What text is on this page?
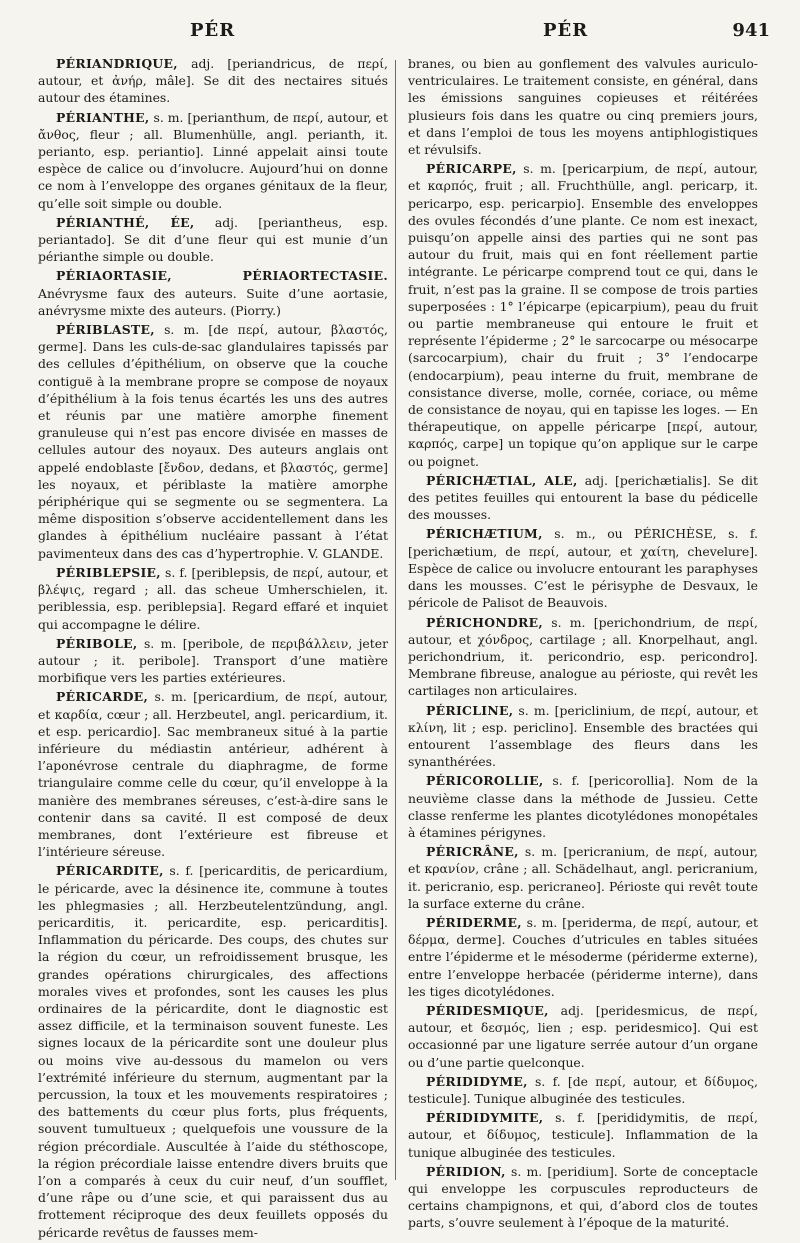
PÉR	PÉR	941

PÉRIANDRIQUE, adj. [periandricus, de περί, autour, et ἀνήρ, mâle]. Se dit des nectaires situés autour des étamines.

PÉRIANTHE, s. m. [perianthum, de περί, autour, et ἄνθος, fleur ; all. Blumenhülle, angl. perianth, it. perianto, esp. periantio]. Linné appelait ainsi toute espèce de calice ou d’involucre. Aujourd’hui on donne ce nom à l’enveloppe des organes génitaux de la fleur, qu’elle soit simple ou double.

PÉRIANTHÉ, ÉE, adj. [periantheus, esp. periantado]. Se dit d’une fleur qui est munie d’un périanthe simple ou double.

PÉRIAORTASIE, PÉRIAORTECTASIE. Anévrysme faux des auteurs. Suite d’une aortasie, anévrysme mixte des auteurs. (Piorry.)

PÉRIBLASTE, s. m. [de περί, autour, βλαστός, germe]. Dans les culs-de-sac glandulaires tapissés par des cellules d’épithélium, on observe que la couche contiguë à la membrane propre se compose de noyaux d’épithélium à la fois tenus écartés les uns des autres et réunis par une matière amorphe finement granuleuse qui n’est pas encore divisée en masses de cellules autour des noyaux. Des auteurs anglais ont appelé endoblaste [ἔνδον, dedans, et βλαστός, germe] les noyaux, et périblaste la matière amorphe périphérique qui se segmente ou se segmentera. La même disposition s’observe accidentellement dans les glandes à épithélium nucléaire passant à l’état pavimenteux dans des cas d’hypertrophie. V. GLANDE.

PÉRIBLEPSIE, s. f. [periblepsis, de περί, autour, et βλέψις, regard ; all. das scheue Umherschielen, it. periblessia, esp. periblepsia]. Regard effaré et inquiet qui accompagne le délire.

PÉRIBOLE, s. m. [peribole, de περιβάλλειν, jeter autour ; it. peribole]. Transport d’une matière morbifique vers les parties extérieures.

PÉRICARDE, s. m. [pericardium, de περί, autour, et καρδία, cœur ; all. Herzbeutel, angl. pericardium, it. et esp. pericardio]. Sac membraneux situé à la partie inférieure du médiastin antérieur, adhérent à l’aponévrose centrale du diaphragme, de forme triangulaire comme celle du cœur, qu’il enveloppe à la manière des membranes séreuses, c’est-à-dire sans le contenir dans sa cavité. Il est composé de deux membranes, dont l’extérieure est fibreuse et l’intérieure séreuse.

PÉRICARDITE, s. f. [pericarditis, de pericardium, le péricarde, avec la désinence ite, commune à toutes les phlegmasies ; all. Herzbeutelentzündung, angl. pericarditis, it. pericardite, esp. pericarditis]. Inflammation du péricarde. Des coups, des chutes sur la région du cœur, un refroidissement brusque, les grandes opérations chirurgicales, des affections morales vives et profondes, sont les causes les plus ordinaires de la péricardite, dont le diagnostic est assez difficile, et la terminaison souvent funeste. Les signes locaux de la péricardite sont une douleur plus ou moins vive au-dessous du mamelon ou vers l’extrémité inférieure du sternum, augmentant par la percussion, la toux et les mouvements respiratoires ; des battements du cœur plus forts, plus fréquents, souvent tumultueux ; quelquefois une voussure de la région précordiale. Auscultée à l’aide du stéthoscope, la région précordiale laisse entendre divers bruits que l’on a comparés à ceux du cuir neuf, d’un soufflet, d’une râpe ou d’une scie, et qui paraissent dus au frottement réciproque des deux feuillets opposés du péricarde revêtus de fausses mem-

branes, ou bien au gonflement des valvules auriculo-ventriculaires. Le traitement consiste, en général, dans les émissions sanguines copieuses et réitérées plusieurs fois dans les quatre ou cinq premiers jours, et dans l’emploi de tous les moyens antiphlogistiques et révulsifs.

PÉRICARPE, s. m. [pericarpium, de περί, autour, et καρπός, fruit ; all. Fruchthülle, angl. pericarp, it. pericarpo, esp. pericarpio]. Ensemble des enveloppes des ovules fécondés d’une plante. Ce nom est inexact, puisqu’on appelle ainsi des parties qui ne sont pas autour du fruit, mais qui en font réellement partie intégrante. Le péricarpe comprend tout ce qui, dans le fruit, n’est pas la graine. Il se compose de trois parties superposées : 1° l’épicarpe (epicarpium), peau du fruit ou partie membraneuse qui entoure le fruit et représente l’épiderme ; 2° le sarcocarpe ou mésocarpe (sarcocarpium), chair du fruit ; 3° l’endocarpe (endocarpium), peau interne du fruit, membrane de consistance diverse, molle, cornée, coriace, ou même de consistance de noyau, qui en tapisse les loges. — En thérapeutique, on appelle péricarpe [περί, autour, καρπός, carpe] un topique qu’on applique sur le carpe ou poignet.

PÉRICHÆTIAL, ALE, adj. [perichætialis]. Se dit des petites feuilles qui entourent la base du pédicelle des mousses.

PÉRICHÆTIUM, s. m., ou PÉRICHÈSE, s. f. [perichætium, de περί, autour, et χαίτη, chevelure]. Espèce de calice ou involucre entourant les paraphyses dans les mousses. C’est le périsyphe de Desvaux, le péricole de Palisot de Beauvois.

PÉRICHONDRE, s. m. [perichondrium, de περί, autour, et χόνδρος, cartilage ; all. Knorpelhaut, angl. perichondrium, it. pericondrio, esp. pericondro]. Membrane fibreuse, analogue au périoste, qui revêt les cartilages non articulaires.

PÉRICLINE, s. m. [periclinium, de περί, autour, et κλίνη, lit ; esp. periclino]. Ensemble des bractées qui entourent l’assemblage des fleurs dans les synanthérées.

PÉRICOROLLIE, s. f. [pericorollia]. Nom de la neuvième classe dans la méthode de Jussieu. Cette classe renferme les plantes dicotylédones monopétales à étamines périgynes.

PÉRICRÂNE, s. m. [pericranium, de περί, autour, et κρανίον, crâne ; all. Schädelhaut, angl. pericranium, it. pericranio, esp. pericraneo]. Périoste qui revêt toute la surface externe du crâne.

PÉRIDERME, s. m. [periderma, de περί, autour, et δέρμα, derme]. Couches d’utricules en tables situées entre l’épiderme et le mésoderme (périderme externe), entre l’enveloppe herbacée (périderme interne), dans les tiges dicotylédones.

PÉRIDESMIQUE, adj. [peridesmicus, de περί, autour, et δεσμός, lien ; esp. peridesmico]. Qui est occasionné par une ligature serrée autour d’un organe ou d’une partie quelconque.

PÉRIDIDYME, s. f. [de περί, autour, et δίδυμος, testicule]. Tunique albuginée des testicules.

PÉRIDIDYMITE, s. f. [perididymitis, de περί, autour, et δίδυμος, testicule]. Inflammation de la tunique albuginée des testicules.

PÉRIDION, s. m. [peridium]. Sorte de conceptacle qui enveloppe les corpuscules reproducteurs de certains champignons, et qui, d’abord clos de toutes parts, s’ouvre seulement à l’époque de la maturité.
